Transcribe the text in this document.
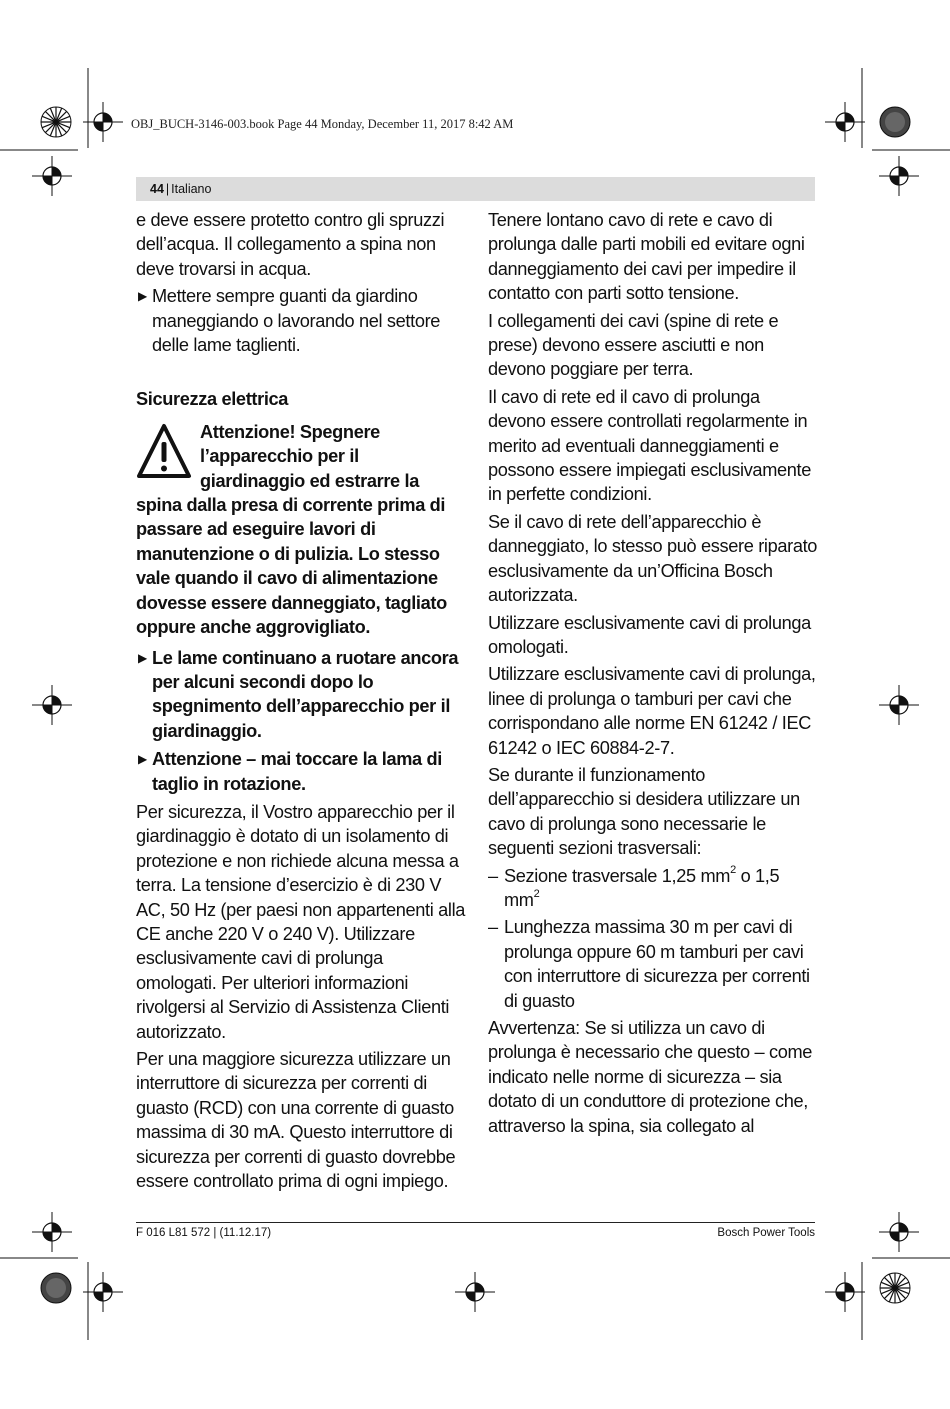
OBJ_BUCH-3146-003.book Page 44 Monday, December 11, 2017 8:42 AM
44 | Italiano

e deve essere protetto contro gli spruzzi dell’acqua. Il collegamento a spina non deve trovarsi in acqua.

▶ Mettere sempre guanti da giardino maneggiando o lavorando nel settore delle lame taglienti.
Sicurezza elettrica
Attenzione! Spegnere l’apparecchio per il giardinaggio ed estrarre la spina dalla presa di corrente prima di passare ad eseguire lavori di manutenzione o di pulizia. Lo stesso vale quando il cavo di alimentazione dovesse essere danneggiato, tagliato oppure anche aggrovigliato.
▶ Le lame continuano a ruotare ancora per alcuni secondi dopo lo spegnimento dell’apparecchio per il giardinaggio.
▶ Attenzione – mai toccare la lama di taglio in rotazione.

Per sicurezza, il Vostro apparecchio per il giardinaggio è dotato di un isolamento di protezione e non richiede alcuna messa a terra. La tensione d’esercizio è di 230 V AC, 50 Hz (per paesi non appartenenti alla CE anche 220 V o 240 V). Utilizzare esclusivamente cavi di prolunga omologati. Per ulteriori informazioni rivolgersi al Servizio di Assistenza Clienti autorizzato.

Per una maggiore sicurezza utilizzare un interruttore di sicurezza per correnti di guasto (RCD) con una corrente di guasto massima di 30 mA. Questo interruttore di sicurezza per correnti di guasto dovrebbe essere controllato prima di ogni impiego.

Tenere lontano cavo di rete e cavo di prolunga dalle parti mobili ed evitare ogni danneggiamento dei cavi per impedire il contatto con parti sotto tensione.

I collegamenti dei cavi (spine di rete e prese) devono essere asciutti e non devono poggiare per terra.

Il cavo di rete ed il cavo di prolunga devono essere controllati regolarmente in merito ad eventuali danneggiamenti e possono essere impiegati esclusivamente in perfette condizioni.

Se il cavo di rete dell’apparecchio è danneggiato, lo stesso può essere riparato esclusivamente da un’Officina Bosch autorizzata.

Utilizzare esclusivamente cavi di prolunga omologati.

Utilizzare esclusivamente cavi di prolunga, linee di prolunga o tamburi per cavi che corrispondano alle norme EN 61242 / IEC 61242 o IEC 60884-2-7.

Se durante il funzionamento dell’apparecchio si desidera utilizzare un cavo di prolunga sono necessarie le seguenti sezioni trasversali:

– Sezione trasversale 1,25 $mm^2$ o 1,5 $mm^2$
– Lunghezza massima 30 m per cavi di prolunga oppure 60 m tamburi per cavi con interruttore di sicurezza per correnti di guasto

Avvertenza: Se si utilizza un cavo di prolunga è necessario che questo – come indicato nelle norme di sicurezza – sia dotato di un conduttore di protezione che, attraverso la spina, sia collegato al

F 016 L81 572 | (11.12.17)	Bosch Power Tools
